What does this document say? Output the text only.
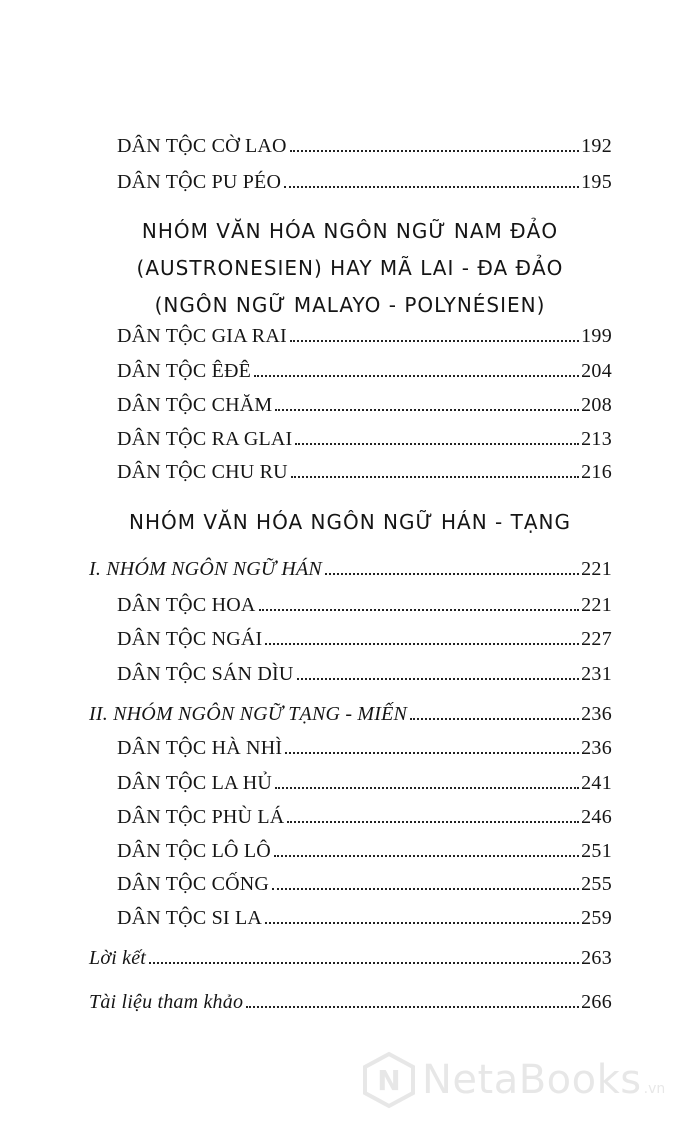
DÂN TỘC CỜ LAO	192
DÂN TỘC PU PÉO	195
NHÓM VĂN HÓA NGÔN NGỮ NAM ĐẢO
(AUSTRONESIEN) HAY MÃ LAI - ĐA ĐẢO
(NGÔN NGỮ MALAYO - POLYNÉSIEN)
DÂN TỘC GIA RAI	199
DÂN TỘC ÊĐÊ	204
DÂN TỘC CHĂM	208
DÂN TỘC RA GLAI	213
DÂN TỘC CHU RU	216
NHÓM VĂN HÓA NGÔN NGỮ HÁN - TẠNG
I. NHÓM NGÔN NGỮ HÁN	221
DÂN TỘC HOA	221
DÂN TỘC NGÁI	227
DÂN TỘC SÁN DÌU	231
II. NHÓM NGÔN NGỮ TẠNG - MIẾN	236
DÂN TỘC HÀ NHÌ	236
DÂN TỘC LA HỦ	241
DÂN TỘC PHÙ LÁ	246
DÂN TỘC LÔ LÔ	251
DÂN TỘC CỐNG	255
DÂN TỘC SI LA	259
Lời kết	263
Tài liệu tham khảo	266
N NetaBooks .vn
